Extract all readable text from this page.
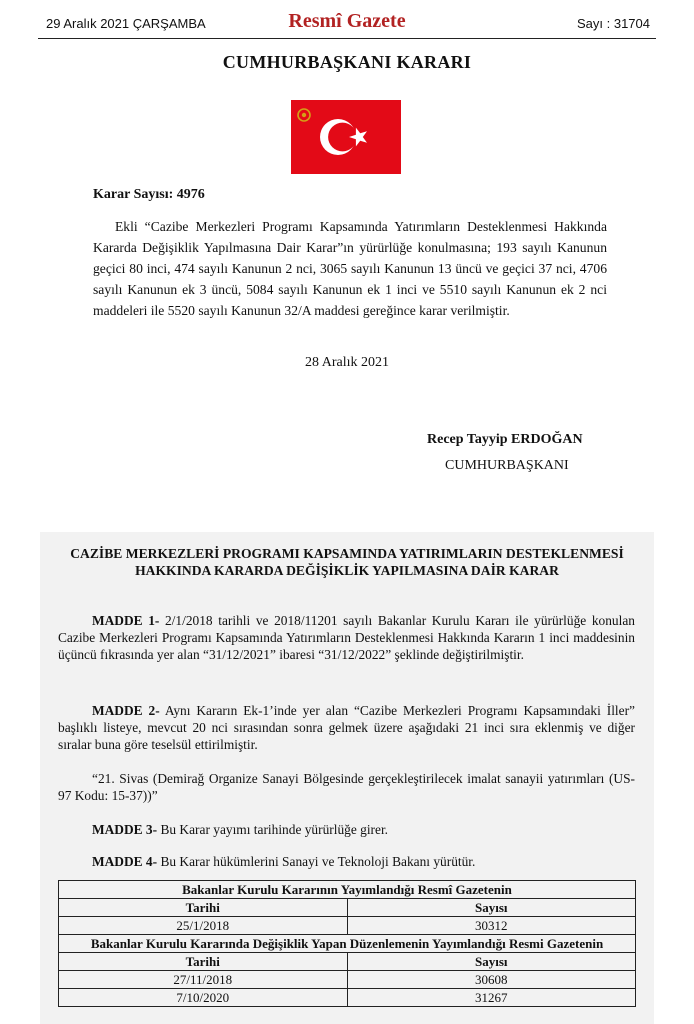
29 Aralık 2021 ÇARŞAMBA	Resmî Gazete	Sayı : 31704
CUMHURBAŞKANI KARARI
Karar Sayısı: 4976

Ekli “Cazibe Merkezleri Programı Kapsamında Yatırımların Desteklenmesi Hakkında Kararda Değişiklik Yapılmasına Dair Karar”ın yürürlüğe konulmasına; 193 sayılı Kanunun geçici 80 inci, 474 sayılı Kanunun 2 nci, 3065 sayılı Kanunun 13 üncü ve geçici 37 nci, 4706 sayılı Kanunun ek 3 üncü, 5084 sayılı Kanunun ek 1 inci ve 5510 sayılı Kanunun ek 2 nci maddeleri ile 5520 sayılı Kanunun 32/A maddesi gereğince karar verilmiştir.

28 Aralık 2021
Recep Tayyip ERDOĞAN
CUMHURBAŞKANI

CAZİBE MERKEZLERİ PROGRAMI KAPSAMINDA YATIRIMLARIN DESTEKLENMESİ HAKKINDA KARARDA DEĞİŞİKLİK YAPILMASINA DAİR KARAR

MADDE 1- 2/1/2018 tarihli ve 2018/11201 sayılı Bakanlar Kurulu Kararı ile yürürlüğe konulan Cazibe Merkezleri Programı Kapsamında Yatırımların Desteklenmesi Hakkında Kararın 1 inci maddesinin üçüncü fıkrasında yer alan “31/12/2021” ibaresi “31/12/2022” şeklinde değiştirilmiştir.

MADDE 2- Aynı Kararın Ek-1’inde yer alan “Cazibe Merkezleri Programı Kapsamındaki İller” başlıklı listeye, mevcut 20 nci sırasından sonra gelmek üzere aşağıdaki 21 inci sıra eklenmiş ve diğer sıralar buna göre teselsül ettirilmiştir.

“21. Sivas (Demirağ Organize Sanayi Bölgesinde gerçekleştirilecek imalat sanayii yatırımları (US-97 Kodu: 15-37))”

MADDE 3- Bu Karar yayımı tarihinde yürürlüğe girer.

MADDE 4- Bu Karar hükümlerini Sanayi ve Teknoloji Bakanı yürütür.

Bakanlar Kurulu Kararının Yayımlandığı Resmî Gazetenin	
Tarihi	Sayısı
25/1/2018	30312
Bakanlar Kurulu Kararında Değişiklik Yapan Düzenlemenin Yayımlandığı Resmi Gazetenin	
Tarihi	Sayısı
27/11/2018	30608
7/10/2020	31267
